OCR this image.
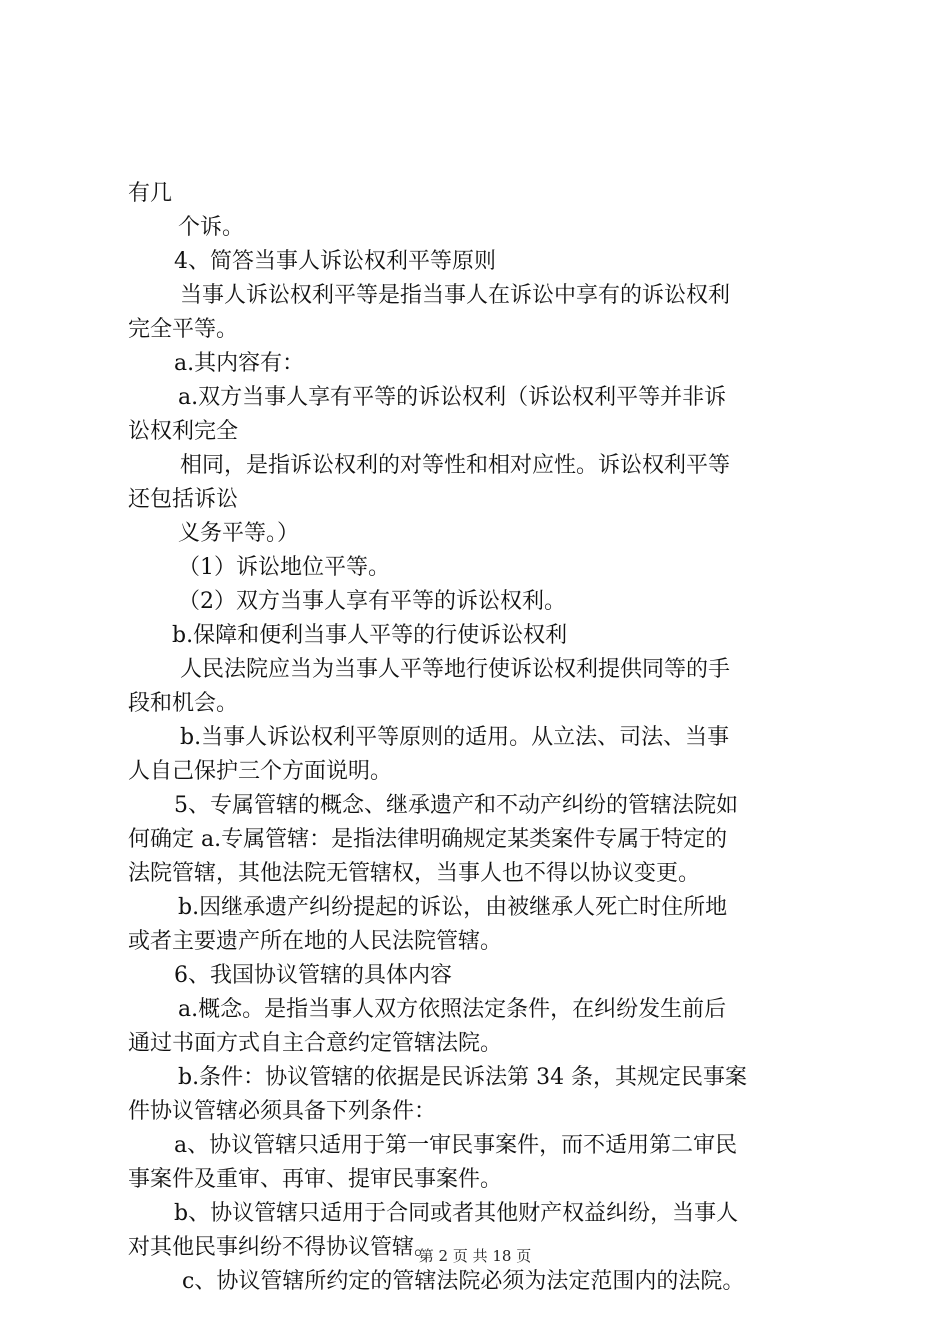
有几
个诉。
4、简答当事人诉讼权利平等原则
当事人诉讼权利平等是指当事人在诉讼中享有的诉讼权利
完全平等。
a.其内容有：
a.双方当事人享有平等的诉讼权利（诉讼权利平等并非诉
讼权利完全
相同，是指诉讼权利的对等性和相对应性。诉讼权利平等
还包括诉讼
义务平等。）
（1）诉讼地位平等。
（2）双方当事人享有平等的诉讼权利。
b.保障和便利当事人平等的行使诉讼权利
人民法院应当为当事人平等地行使诉讼权利提供同等的手
段和机会。
b.当事人诉讼权利平等原则的适用。从立法、司法、当事
人自己保护三个方面说明。
5、专属管辖的概念、继承遗产和不动产纠纷的管辖法院如
何确定 a.专属管辖：是指法律明确规定某类案件专属于特定的
法院管辖，其他法院无管辖权，当事人也不得以协议变更。
b.因继承遗产纠纷提起的诉讼，由被继承人死亡时住所地
或者主要遗产所在地的人民法院管辖。
6、我国协议管辖的具体内容
a.概念。是指当事人双方依照法定条件，在纠纷发生前后
通过书面方式自主合意约定管辖法院。
b.条件：协议管辖的依据是民诉法第 34 条，其规定民事案
件协议管辖必须具备下列条件：
a、协议管辖只适用于第一审民事案件，而不适用第二审民
事案件及重审、再审、提审民事案件。
b、协议管辖只适用于合同或者其他财产权益纠纷，当事人
对其他民事纠纷不得协议管辖。
c、协议管辖所约定的管辖法院必须为法定范围内的法院。
第 2 页 共 18 页
